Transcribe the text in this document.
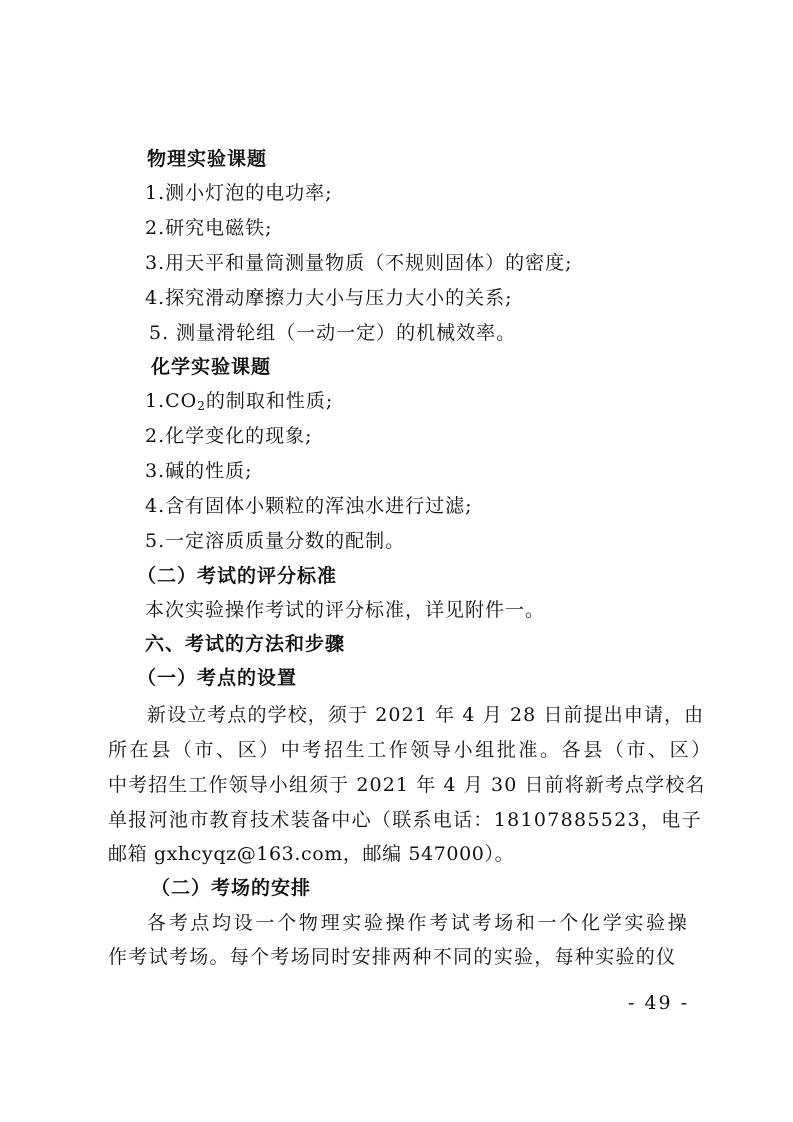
物理实验课题
1.测小灯泡的电功率;
2.研究电磁铁;
3.用天平和量筒测量物质（不规则固体）的密度;
4.探究滑动摩擦力大小与压力大小的关系;
5. 测量滑轮组（一动一定）的机械效率。
化学实验课题
$1.CO_2$的制取和性质;
2.化学变化的现象;
3.碱的性质;
4.含有固体小颗粒的浑浊水进行过滤;
5.一定溶质质量分数的配制。
（二）考试的评分标准
本次实验操作考试的评分标准，详见附件一。
六、考试的方法和步骤
（一）考点的设置
新设立考点的学校，须于 2021 年 4 月 28 日前提出申请，由
所在县（市、区）中考招生工作领导小组批准。各县（市、区）
中考招生工作领导小组须于 2021 年 4 月 30 日前将新考点学校名
单报河池市教育技术装备中心（联系电话：18107885523，电子
邮箱 gxhcyqz@163.com，邮编 547000）。
（二）考场的安排
各考点均设一个物理实验操作考试考场和一个化学实验操
作考试考场。每个考场同时安排两种不同的实验，每种实验的仪
- 49 -
